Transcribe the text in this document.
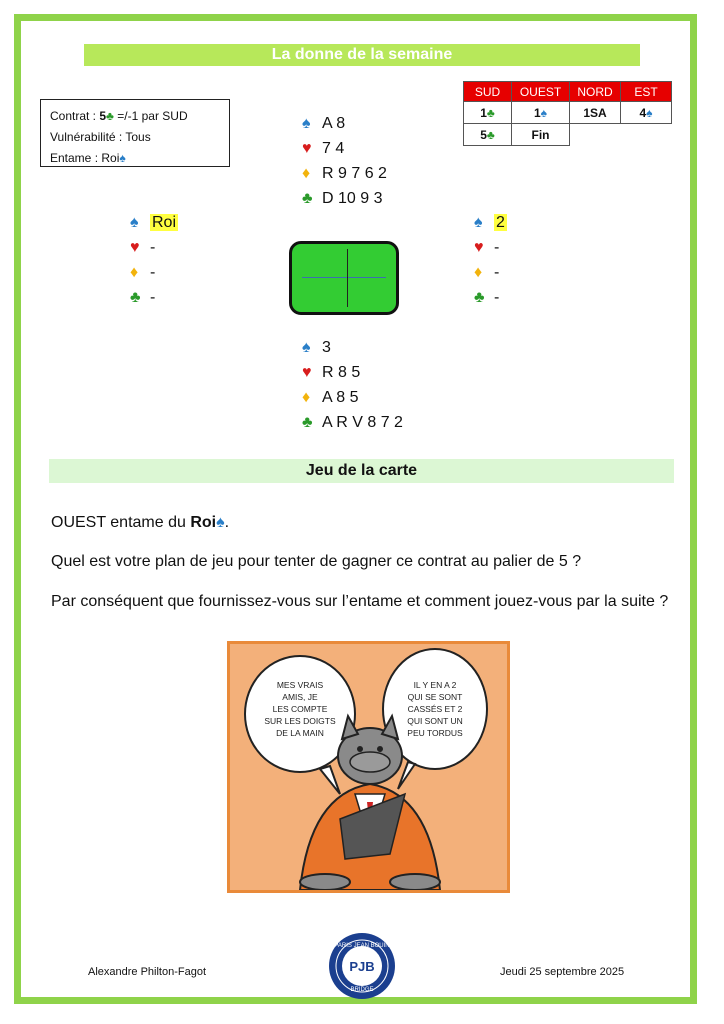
La donne de la semaine
Contrat : 5♣ =/-1 par SUD
Vulnérabilité : Tous
Entame : Roi♠
SUD	OUEST	NORD	EST
1♣	1♠	1SA	4♠
5♣	Fin		
♠ A 8
♥ 7 4
♦ R 9 7 6 2
♣ D 10 9 3
♠ Roi
♥ -
♦ -
♣ -
♠ 2
♥ -
♦ -
♣ -
♠ 3
♥ R 8 5
♦ A 8 5
♣ A R V 8 7 2
Jeu de la carte
OUEST entame du Roi♠.
Quel est votre plan de jeu pour tenter de gagner ce contrat au palier de 5 ?
Par conséquent que fournissez-vous sur l’entame et comment jouez-vous par la suite ?
MES VRAIS
AMIS, JE
LES COMPTE
SUR LES DOIGTS
DE LA MAIN
IL Y EN A 2
QUI SE SONT
CASSÉS ET 2
QUI SONT UN
PEU TORDUS
Alexandre Philton-Fagot	Jeudi 25 septembre 2025
PARIS JEAN BOUIN
PJB
BRIDGE
